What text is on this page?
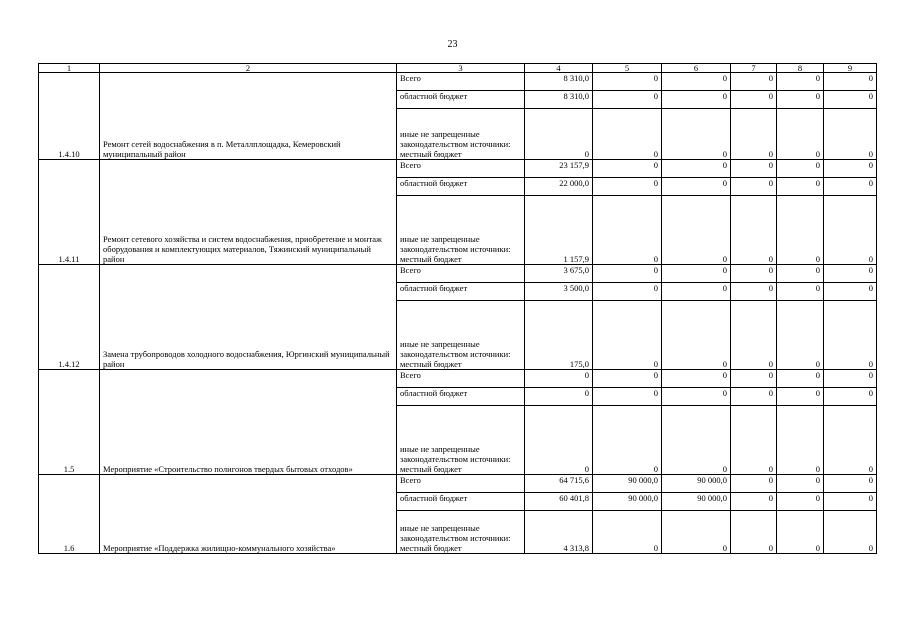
23
1	2	3	4	5	6	7	8	9
1.4.10	Ремонт сетей водоснабжения в п. Металлплощадка, Кемеровский муниципальный район	Всего	8 310,0	0	0	0	0	0
		областной бюджет	8 310,0	0	0	0	0	0
		иные не запрещенные законодательством источники: местный бюджет	0	0	0	0	0	0
1.4.11	Ремонт сетевого хозяйства и систем водоснабжения, приобретение и монтаж оборудования и комплектующих материалов, Тяжинский муниципальный район	Всего	23 157,9	0	0	0	0	0
		областной бюджет	22 000,0	0	0	0	0	0
		иные не запрещенные законодательством источники: местный бюджет	1 157,9	0	0	0	0	0
1.4.12	Замена трубопроводов холодного водоснабжения, Юргинский муниципальный район	Всего	3 675,0	0	0	0	0	0
		областной бюджет	3 500,0	0	0	0	0	0
		иные не запрещенные законодательством источники: местный бюджет	175,0	0	0	0	0	0
1.5	Мероприятие «Строительство полигонов твердых бытовых отходов»	Всего	0	0	0	0	0	0
		областной бюджет	0	0	0	0	0	0
		иные не запрещенные законодательством источники: местный бюджет	0	0	0	0	0	0
1.6	Мероприятие «Поддержка жилищно-коммунального хозяйства»	Всего	64 715,6	90 000,0	90 000,0	0	0	0
		областной бюджет	60 401,8	90 000,0	90 000,0	0	0	0
		иные не запрещенные законодательством источники: местный бюджет	4 313,8	0	0	0	0	0
